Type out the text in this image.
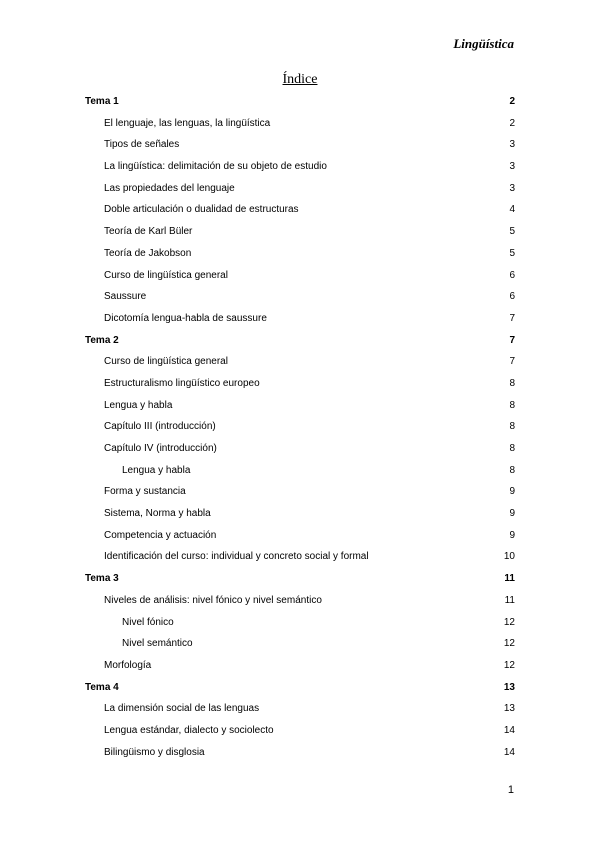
Lingüística
Índice
Tema 1	2
El lenguaje, las lenguas, la lingüística	2
Tipos de señales	3
La lingüística: delimitación de su objeto de estudio	3
Las propiedades del lenguaje	3
Doble articulación o dualidad de estructuras	4
Teoría de Karl Büler	5
Teoría de Jakobson	5
Curso de lingüística general	6
Saussure	6
Dicotomía lengua-habla de saussure	7
Tema 2	7
Curso de lingüística general	7
Estructuralismo lingüístico europeo	8
Lengua y habla	8
Capítulo III (introducción)	8
Capítulo IV (introducción)	8
Lengua y habla	8
Forma y sustancia	9
Sistema, Norma y habla	9
Competencia y actuación	9
Identificación del curso: individual y concreto social y formal	10
Tema 3	11
Niveles de análisis: nivel fónico y nivel semántico	11
Nivel fónico	12
Nivel semántico	12
Morfología	12
Tema 4	13
La dimensión social de las lenguas	13
Lengua estándar, dialecto y sociolecto	14
Bilingüismo y disglosia	14
1
